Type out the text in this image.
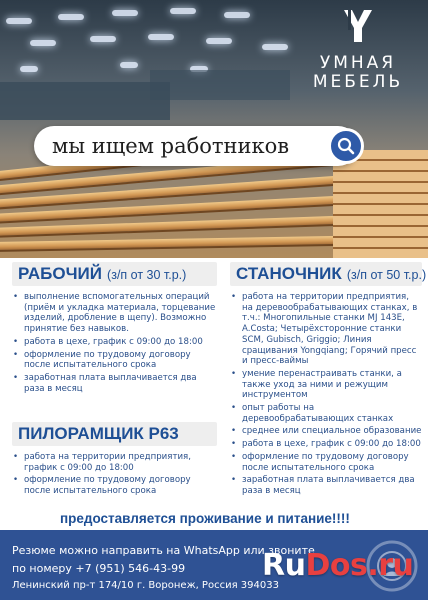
УМНАЯ
МЕБЕЛЬ
мы ищем работников
РАБОЧИЙ (з/п от 30 т.р.)
• выполнение вспомогательных операций (приём и укладка материала, торцевание изделий, дробление в щепу). Возможно принятие без навыков.
• работа в цехе, график с 09:00 до 18:00
• оформление по трудовому договору после испытательного срока
• заработная плата выплачивается два раза в месяц
ПИЛОРАМЩИК Р63
• работа на территории предприятия, график с 09:00 до 18:00
• оформление по трудовому договору после испытательного срока
СТАНОЧНИК (з/п от 50 т.р.)
• работа на территории предприятия, на деревообрабатывающих станках, в т.ч.: Многопильные станки MJ 143E, A.Costa; Четырёхсторонние станки SCM, Gubisch, Griggio; Линия сращивания Yongqiang; Горячий пресс и пресс-ваймы
• умение перенастраивать станки, а также уход за ними и режущим инструментом
• опыт работы на деревообрабатывающих станках
• среднее или специальное образование
• работа в цехе, график с 09:00 до 18:00
• оформление по трудовому договору после испытательного срока
• заработная плата выплачивается два раза в месяц
предоставляется проживание и питание!!!!
Резюме можно направить на WhatsApp или звоните
по номеру +7 (951) 546-43-99
Ленинский пр-т 174/10 г. Воронеж, Россия 394033
RuDos.ru
